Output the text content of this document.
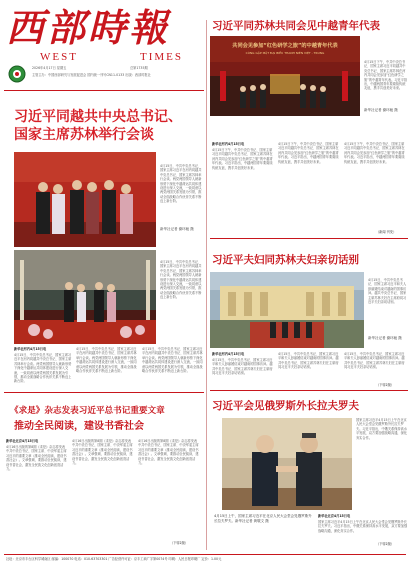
西部時報
WEST	TIMES
2026年4月17日 星期五	总第1735期
主管主办：中国西部研究与发展促进会 国内统一刊号CN11-0133 出版：西部时报社
习近平同苏林共同会见中越青年代表
共同会见参加“红色研学之旅”的中越青年代表
CÙNG GẶP MẶT ĐẠI BIỂU THANH NIÊN VIỆT - TRUNG
新华社记者 谢环驰 摄
4月15日下午，中共中央总书记、国家主席习近平同越共中央总书记、国家主席苏林在河内共同会见参加“红色研学之旅”的中越青年代表。习近平指出，中越两国青年要赓续传统友谊，携手共创美好未来。
新华社河内4月15日电
4月15日下午，中共中央总书记、国家主席习近平同越共中央总书记、国家主席苏林在河内共同会见参加“红色研学之旅”的中越青年代表。习近平指出，中越两国青年要赓续传统友谊，携手共创美好未来。
4月15日下午，中共中央总书记、国家主席习近平同越共中央总书记、国家主席苏林在河内共同会见参加“红色研学之旅”的中越青年代表。习近平指出，中越两国青年要赓续传统友谊，携手共创美好未来。
4月15日下午，中共中央总书记、国家主席习近平同越共中央总书记、国家主席苏林在河内共同会见参加“红色研学之旅”的中越青年代表。习近平指出，中越两国青年要赓续传统友谊，携手共创美好未来。
（新闻 刊发）
习近平同越共中央总书记、
国家主席苏林举行会谈
4月15日，中共中央总书记、国家主席习近平在河内同越共中央总书记、国家主席苏林举行会谈。两党两国领导人就新形势下深化中越命运共同体建设进行深入交流，一致同意以两党两国关系发展为引领，推动全面战略合作伙伴关系不断迈上新台阶。
新华社记者 谢环驰 摄
4月15日，中共中央总书记、国家主席习近平在河内同越共中央总书记、国家主席苏林举行会谈。两党两国领导人就新形势下深化中越命运共同体建设进行深入交流，一致同意以两党两国关系发展为引领，推动全面战略合作伙伴关系不断迈上新台阶。
新华社河内4月15日电
4月15日，中共中央总书记、国家主席习近平在河内同越共中央总书记、国家主席苏林举行会谈。两党两国领导人就新形势下深化中越命运共同体建设进行深入交流，一致同意以两党两国关系发展为引领，推动全面战略合作伙伴关系不断迈上新台阶。
4月15日，中共中央总书记、国家主席习近平在河内同越共中央总书记、国家主席苏林举行会谈。两党两国领导人就新形势下深化中越命运共同体建设进行深入交流，一致同意以两党两国关系发展为引领，推动全面战略合作伙伴关系不断迈上新台阶。
4月15日，中共中央总书记、国家主席习近平在河内同越共中央总书记、国家主席苏林举行会谈。两党两国领导人就新形势下深化中越命运共同体建设进行深入交流，一致同意以两党两国关系发展为引领，推动全面战略合作伙伴关系不断迈上新台阶。
习近平夫妇同苏林夫妇亲切话别
4月15日，中共中央总书记、国家主席习近平和夫人彭丽媛结束对越南的国事访问。越共中央总书记、国家主席苏林夫妇在主席府同习近平夫妇亲切话别。
新华社记者 谢环驰 摄
新华社河内4月15日电
4月15日，中共中央总书记、国家主席习近平和夫人彭丽媛结束对越南的国事访问。越共中央总书记、国家主席苏林夫妇在主席府同习近平夫妇亲切话别。
4月15日，中共中央总书记、国家主席习近平和夫人彭丽媛结束对越南的国事访问。越共中央总书记、国家主席苏林夫妇在主席府同习近平夫妇亲切话别。
4月15日，中共中央总书记、国家主席习近平和夫人彭丽媛结束对越南的国事访问。越共中央总书记、国家主席苏林夫妇在主席府同习近平夫妇亲切话别。
（下转2版）
《求是》杂志发表习近平总书记重要文章
推动全民阅读，建设书香社会
新华社北京4月15日电
4月16日出版的第8期《求是》杂志将发表中共中央总书记、国家主席、中央军委主席习近平的重要文章《推动全民阅读，建设书香社会》。文章强调，要推动全民阅读，建设书香社会，激发全民族文化创新创造活力。
4月16日出版的第8期《求是》杂志将发表中共中央总书记、国家主席、中央军委主席习近平的重要文章《推动全民阅读，建设书香社会》。文章强调，要推动全民阅读，建设书香社会，激发全民族文化创新创造活力。
4月16日出版的第8期《求是》杂志将发表中共中央总书记、国家主席、中央军委主席习近平的重要文章《推动全民阅读，建设书香社会》。文章强调，要推动全民阅读，建设书香社会，激发全民族文化创新创造活力。
（下转2版）
习近平会见俄罗斯外长拉夫罗夫
国家主席习近平4月15日上午在北京人民大会堂会见俄罗斯外长拉夫罗夫。习近平指出，中俄关系保持高水平发展，双方要加强战略沟通，深化务实合作。
4月15日上午，国家主席习近平在北京人民大会堂会见俄罗斯外长拉夫罗夫。新华社记者 黄敬文 摄
新华社北京4月15日电
国家主席习近平4月15日上午在北京人民大会堂会见俄罗斯外长拉夫罗夫。习近平指出，中俄关系保持高水平发展，双方要加强战略沟通，深化务实合作。
（下转2版）
社址：北京市丰台区科学城南区 邮编：100070 电话：010-63703301 广告经营许可证：京丰工商广字第0074号 印刷：人民日报印刷厂 定价：1.00元
